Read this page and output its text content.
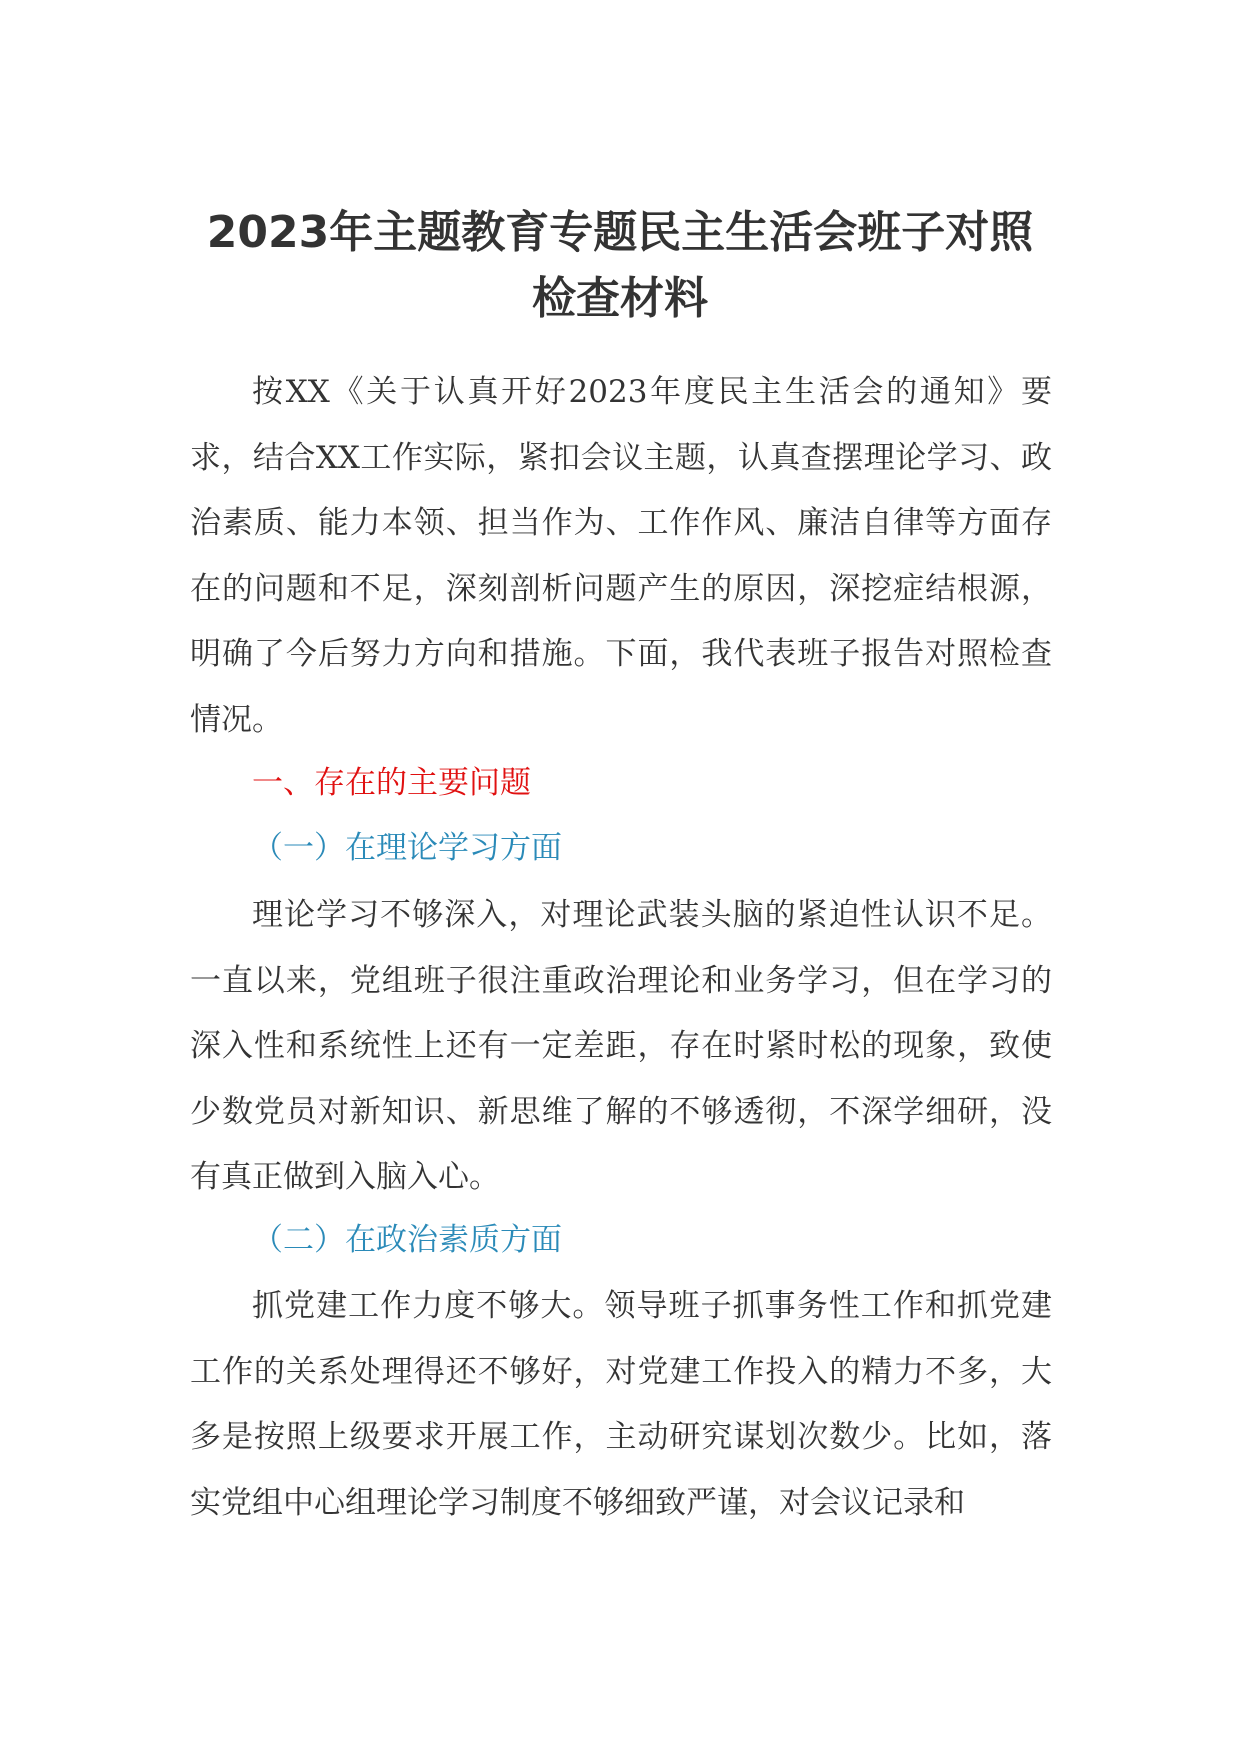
2023年主题教育专题民主生活会班子对照检查材料

按XX《关于认真开好2023年度民主生活会的通知》要求，结合XX工作实际，紧扣会议主题，认真查摆理论学习、政治素质、能力本领、担当作为、工作作风、廉洁自律等方面存在的问题和不足，深刻剖析问题产生的原因，深挖症结根源，明确了今后努力方向和措施。下面，我代表班子报告对照检查情况。

一、存在的主要问题

（一）在理论学习方面

理论学习不够深入，对理论武装头脑的紧迫性认识不足。一直以来，党组班子很注重政治理论和业务学习，但在学习的深入性和系统性上还有一定差距，存在时紧时松的现象，致使少数党员对新知识、新思维了解的不够透彻，不深学细研，没有真正做到入脑入心。

（二）在政治素质方面

抓党建工作力度不够大。领导班子抓事务性工作和抓党建工作的关系处理得还不够好，对党建工作投入的精力不多，大多是按照上级要求开展工作，主动研究谋划次数少。比如，落实党组中心组理论学习制度不够细致严谨，对会议记录和
